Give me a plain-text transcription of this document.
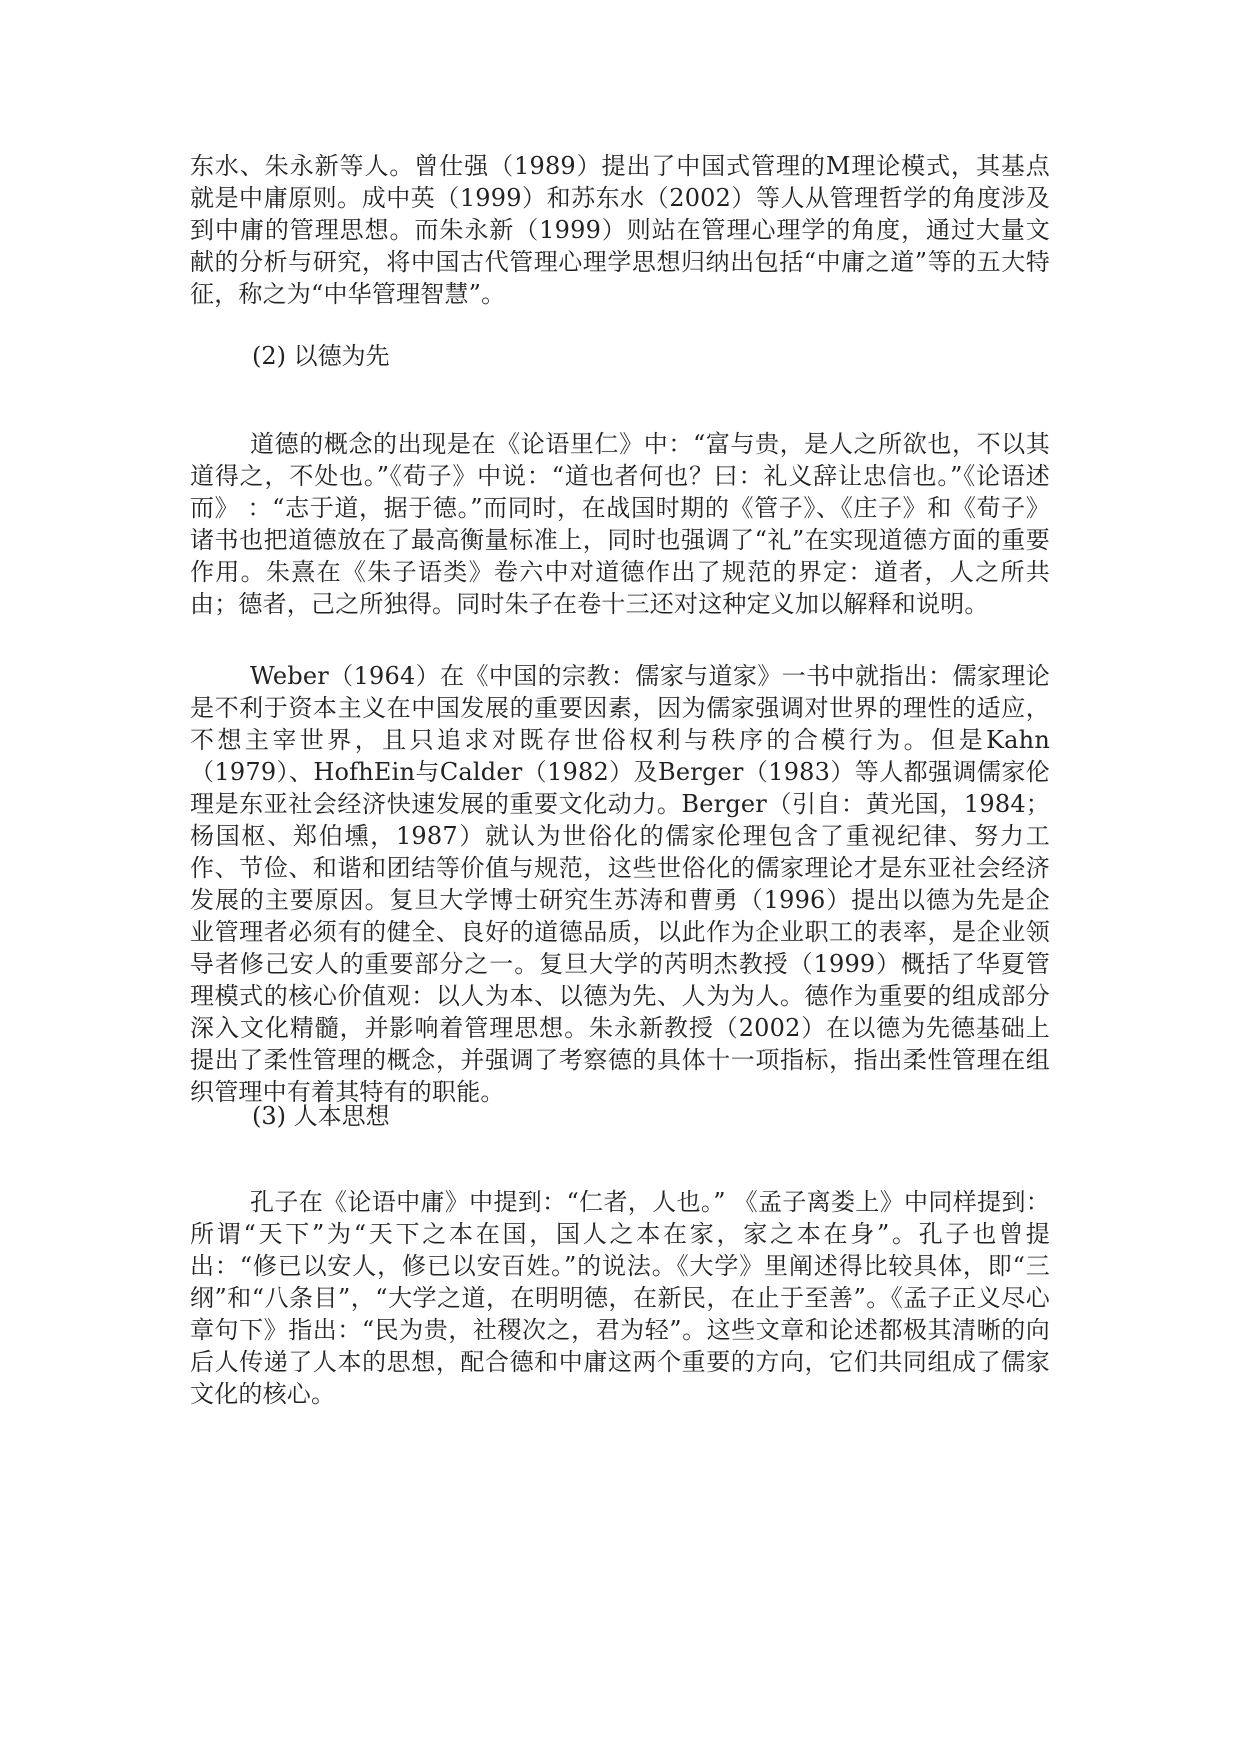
东水、朱永新等人。曾仕强（1989）提出了中国式管理的M理论模式，其基点就是中庸原则。成中英（1999）和苏东水（2002）等人从管理哲学的角度涉及到中庸的管理思想。而朱永新（1999）则站在管理心理学的角度，通过大量文献的分析与研究，将中国古代管理心理学思想归纳出包括“中庸之道”等的五大特征，称之为“中华管理智慧”。

(2) 以德为先

道德的概念的出现是在《论语里仁》中：“富与贵，是人之所欲也，不以其道得之，不处也。”《荀子》中说：“道也者何也？曰：礼义辞让忠信也。”《论语述而》 ：“志于道，据于德。”而同时，在战国时期的《管子》、《庄子》和《荀子》诸书也把道德放在了最高衡量标准上，同时也强调了“礼”在实现道德方面的重要作用。朱熹在《朱子语类》卷六中对道德作出了规范的界定：道者，人之所共由；德者，己之所独得。同时朱子在卷十三还对这种定义加以解释和说明。

Weber（1964）在《中国的宗教：儒家与道家》一书中就指出：儒家理论是不利于资本主义在中国发展的重要因素，因为儒家强调对世界的理性的适应，不想主宰世界，且只追求对既存世俗权利与秩序的合模行为。但是Kahn（1979）、HofhEin与Calder（1982）及Berger（1983）等人都强调儒家伦理是东亚社会经济快速发展的重要文化动力。Berger（引自：黄光国，1984；杨国枢、郑伯壎，1987）就认为世俗化的儒家伦理包含了重视纪律、努力工作、节俭、和谐和团结等价值与规范，这些世俗化的儒家理论才是东亚社会经济发展的主要原因。复旦大学博士研究生苏涛和曹勇（1996）提出以德为先是企业管理者必须有的健全、良好的道德品质，以此作为企业职工的表率，是企业领导者修己安人的重要部分之一。复旦大学的芮明杰教授（1999）概括了华夏管理模式的核心价值观：以人为本、以德为先、人为为人。德作为重要的组成部分深入文化精髓，并影响着管理思想。朱永新教授（2002）在以德为先德基础上提出了柔性管理的概念，并强调了考察德的具体十一项指标，指出柔性管理在组织管理中有着其特有的职能。

(3) 人本思想

孔子在《论语中庸》中提到：“仁者，人也。” 《孟子离娄上》中同样提到：所谓“天下”为“天下之本在国，国人之本在家，家之本在身”。孔子也曾提出：“修已以安人，修已以安百姓。”的说法。《大学》里阐述得比较具体，即“三纲”和“八条目”，“大学之道，在明明德，在新民，在止于至善”。《孟子正义尽心章句下》指出：“民为贵，社稷次之，君为轻”。这些文章和论述都极其清晰的向后人传递了人本的思想，配合德和中庸这两个重要的方向，它们共同组成了儒家文化的核心。
